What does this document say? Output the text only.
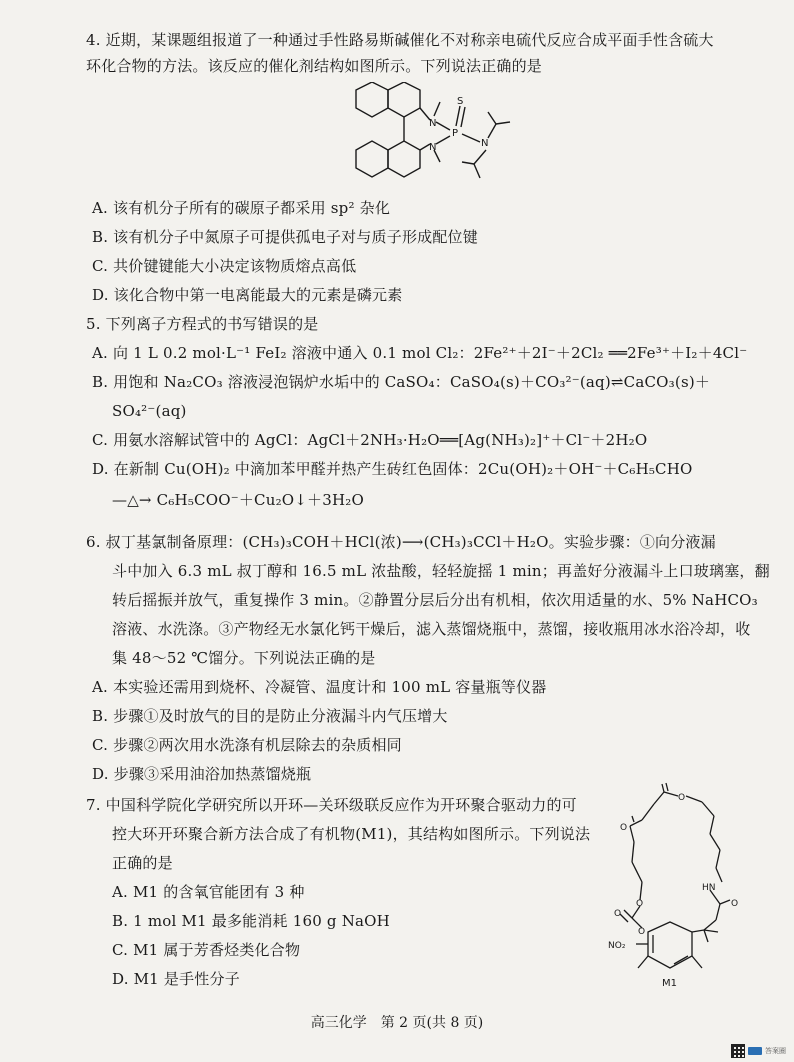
4. 近期，某课题组报道了一种通过手性路易斯碱催化不对称亲电硫代反应合成平面手性含硫大
环化合物的方法。该反应的催化剂结构如图所示。下列说法正确的是
N
N
P
S
N
A. 该有机分子所有的碳原子都采用 sp² 杂化
B. 该有机分子中氮原子可提供孤电子对与质子形成配位键
C. 共价键键能大小决定该物质熔点高低
D. 该化合物中第一电离能最大的元素是磷元素
5. 下列离子方程式的书写错误的是
A. 向 1 L 0.2 mol·L⁻¹ FeI₂ 溶液中通入 0.1 mol Cl₂：2Fe²⁺＋2I⁻＋2Cl₂ ══2Fe³⁺＋I₂＋4Cl⁻
B. 用饱和 Na₂CO₃ 溶液浸泡锅炉水垢中的 CaSO₄：CaSO₄(s)＋CO₃²⁻(aq)⇌CaCO₃(s)＋
SO₄²⁻(aq)
C. 用氨水溶解试管中的 AgCl：AgCl＋2NH₃·H₂O══[Ag(NH₃)₂]⁺＋Cl⁻＋2H₂O
D. 在新制 Cu(OH)₂ 中滴加苯甲醛并热产生砖红色固体：2Cu(OH)₂＋OH⁻＋C₆H₅CHO
—△→ C₆H₅COO⁻＋Cu₂O↓＋3H₂O
6. 叔丁基氯制备原理：(CH₃)₃COH＋HCl(浓)⟶(CH₃)₃CCl＋H₂O。实验步骤：①向分液漏
斗中加入 6.3 mL 叔丁醇和 16.5 mL 浓盐酸，轻轻旋摇 1 min；再盖好分液漏斗上口玻璃塞，翻
转后摇振并放气，重复操作 3 min。②静置分层后分出有机相，依次用适量的水、5% NaHCO₃
溶液、水洗涤。③产物经无水氯化钙干燥后，滤入蒸馏烧瓶中，蒸馏，接收瓶用冰水浴冷却，收
集 48～52 ℃馏分。下列说法正确的是
A. 本实验还需用到烧杯、冷凝管、温度计和 100 mL 容量瓶等仪器
B. 步骤①及时放气的目的是防止分液漏斗内气压增大
C. 步骤②两次用水洗涤有机层除去的杂质相同
D. 步骤③采用油浴加热蒸馏烧瓶
7. 中国科学院化学研究所以开环—关环级联反应作为开环聚合驱动力的可
控大环开环聚合新方法合成了有机物(M1)，其结构如图所示。下列说法
正确的是
A. M1 的含氧官能团有 3 种
B. 1 mol M1 最多能消耗 160 g NaOH
C. M1 属于芳香烃类化合物
D. M1 是手性分子
O
O
O
O
O
HN
O
NO₂
M1
高三化学　第 2 页(共 8 页)
答案圈
